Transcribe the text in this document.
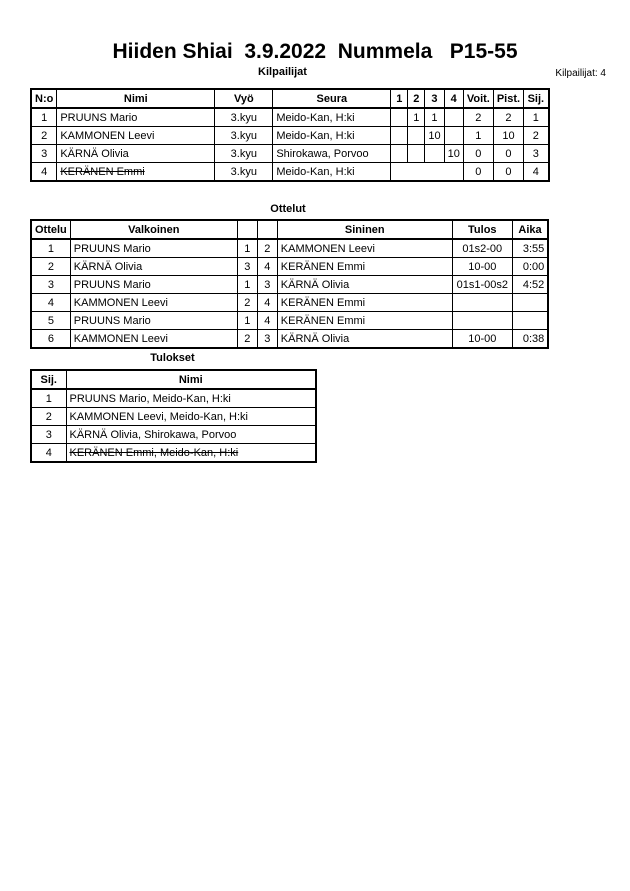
Hiiden Shiai  3.9.2022  Nummela   P15-55
Kilpailijat: 4
Kilpailijat
N:o	Nimi	Vyö	Seura	1	2	3	4	Voit.	Pist.	Sij.
1	PRUUNS Mario	3.kyu	Meido-Kan, H:ki		1	1		2	2	1
2	KAMMONEN Leevi	3.kyu	Meido-Kan, H:ki			10		1	10	2
3	KÄRNÄ Olivia	3.kyu	Shirokawa, Porvoo				10	0	0	3
4	KERÄNEN Emmi	3.kyu	Meido-Kan, H:ki					0	0	4
Ottelut
Ottelu	Valkoinen			Sininen	Tulos	Aika
1	PRUUNS Mario	1	2	KAMMONEN Leevi	01s2-00	3:55
2	KÄRNÄ Olivia	3	4	KERÄNEN Emmi	10-00	0:00
3	PRUUNS Mario	1	3	KÄRNÄ Olivia	01s1-00s2	4:52
4	KAMMONEN Leevi	2	4	KERÄNEN Emmi		
5	PRUUNS Mario	1	4	KERÄNEN Emmi		
6	KAMMONEN Leevi	2	3	KÄRNÄ Olivia	10-00	0:38
Tulokset
Sij.	Nimi
1	PRUUNS Mario, Meido-Kan, H:ki
2	KAMMONEN Leevi, Meido-Kan, H:ki
3	KÄRNÄ Olivia, Shirokawa, Porvoo
4	KERÄNEN Emmi, Meido-Kan, H:ki
